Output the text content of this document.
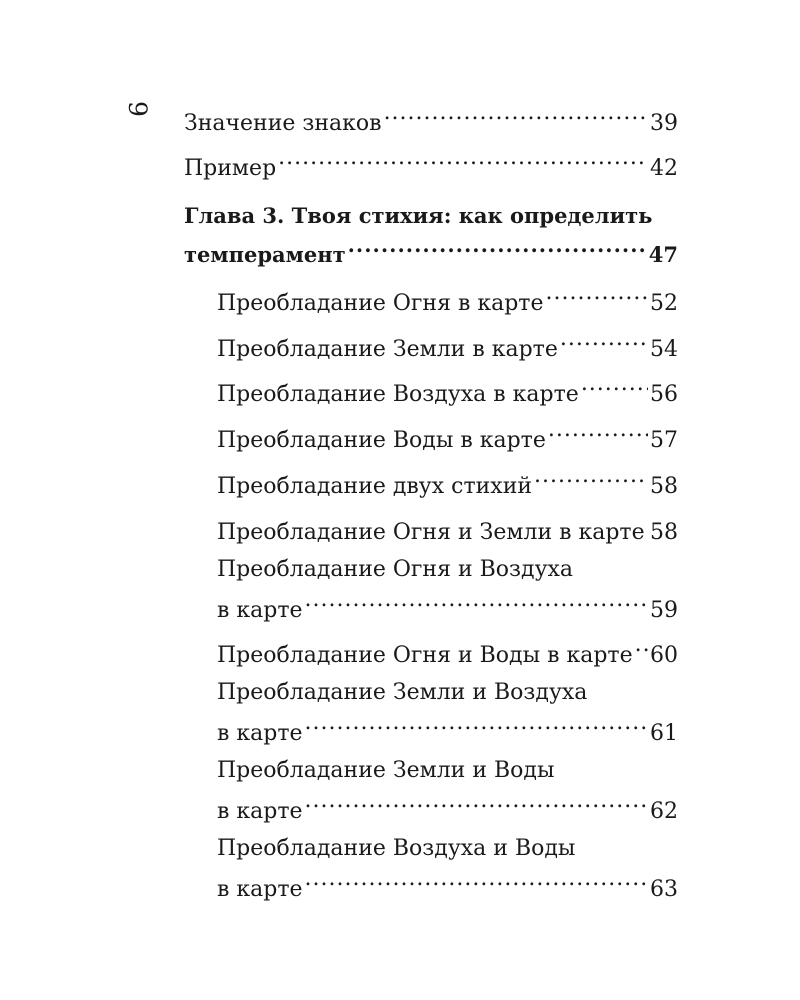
9
Значение знаков .....	39
Пример .....	42
Глава 3. Твоя стихия: как определить
темперамент .....	47
Преобладание Огня в карте .....	52
Преобладание Земли в карте .....	54
Преобладание Воздуха в карте .....	56
Преобладание Воды в карте .....	57
Преобладание двух стихий .....	58
Преобладание Огня и Земли в карте ..... 58
Преобладание Огня и Воздуха
в карте .....	59
Преобладание Огня и Воды в карте ..... 60
Преобладание Земли и Воздуха
в карте .....	61
Преобладание Земли и Воды
в карте .....	62
Преобладание Воздуха и Воды
в карте .....	63
